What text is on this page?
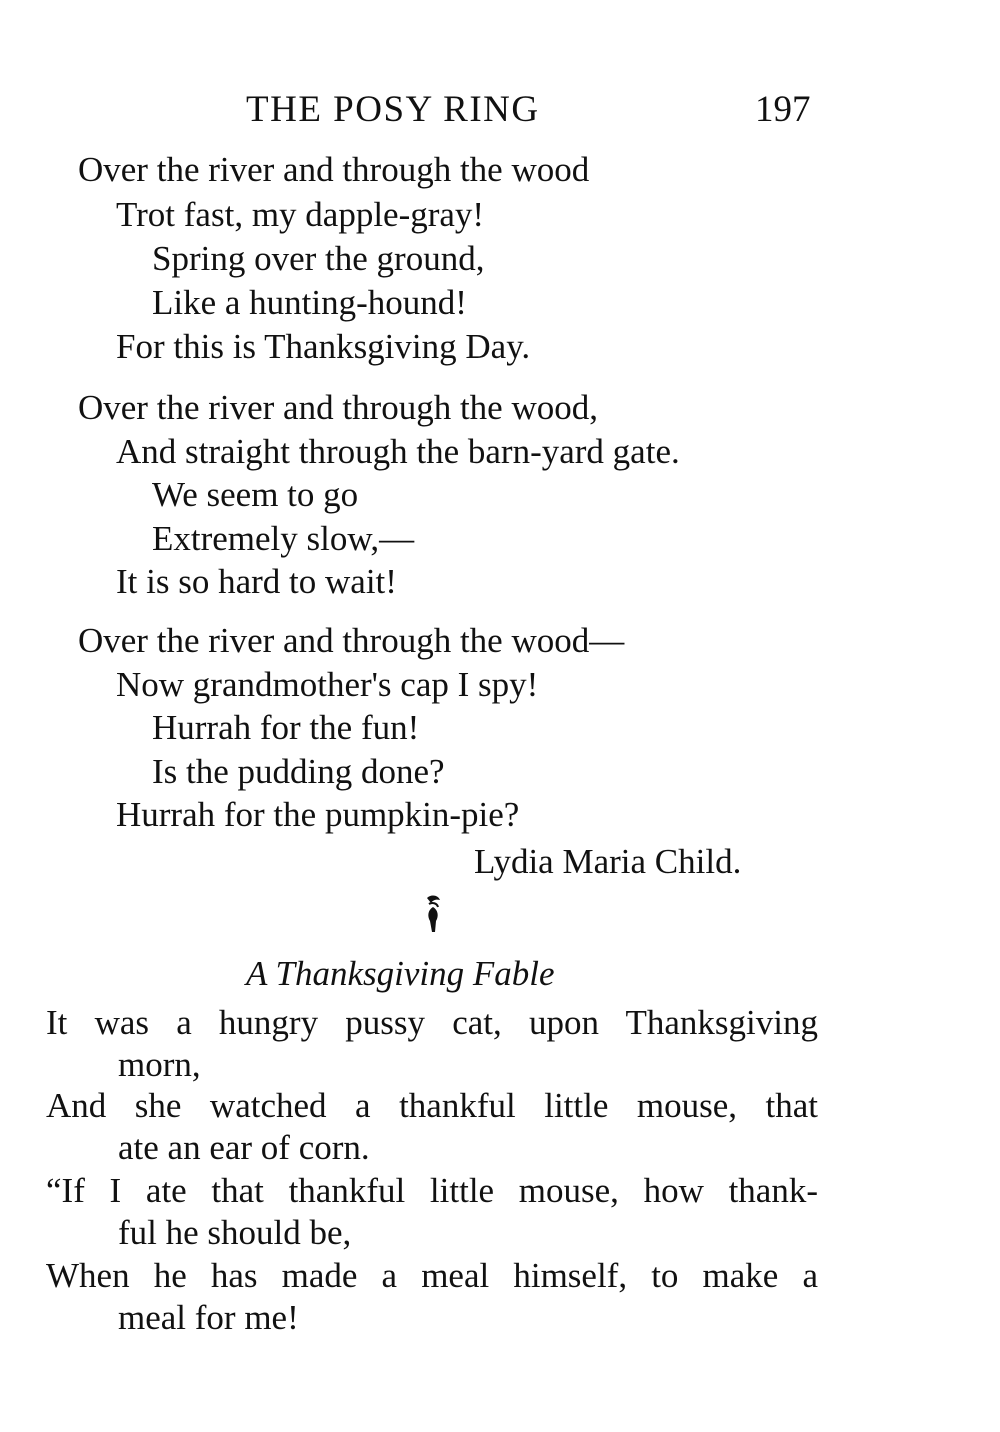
THE POSY RING	197
Over the river and through the wood
Trot fast, my dapple-gray!
Spring over the ground,
Like a hunting-hound!
For this is Thanksgiving Day.
Over the river and through the wood,
And straight through the barn-yard gate.
We seem to go
Extremely slow,—
It is so hard to wait!
Over the river and through the wood—
Now grandmother's cap I spy!
Hurrah for the fun!
Is the pudding done?
Hurrah for the pumpkin-pie?
Lydia Maria Child.
A Thanksgiving Fable
It was a hungry pussy cat, upon Thanksgiving
morn,
And she watched a thankful little mouse, that
ate an ear of corn.
“If I ate that thankful little mouse, how thank-
ful he should be,
When he has made a meal himself, to make a
meal for me!
